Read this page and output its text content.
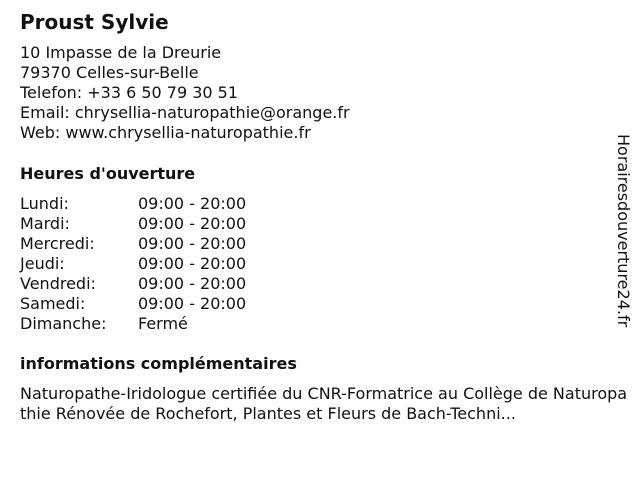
Proust Sylvie
10 Impasse de la Dreurie
79370 Celles-sur-Belle
Telefon: +33 6 50 79 30 51
Email: chrysellia-naturopathie@orange.fr
Web: www.chrysellia-naturopathie.fr
Heures d'ouverture
Lundi:	09:00 - 20:00
Mardi:	09:00 - 20:00
Mercredi:	09:00 - 20:00
Jeudi:	09:00 - 20:00
Vendredi:	09:00 - 20:00
Samedi:	09:00 - 20:00
Dimanche: Fermé
informations complémentaires
Naturopathe-Iridologue certifiée du CNR-Formatrice au Collège de Naturopathie Rénovée de Rochefort, Plantes et Fleurs de Bach-Techni...
Horairesdouverture24.fr
